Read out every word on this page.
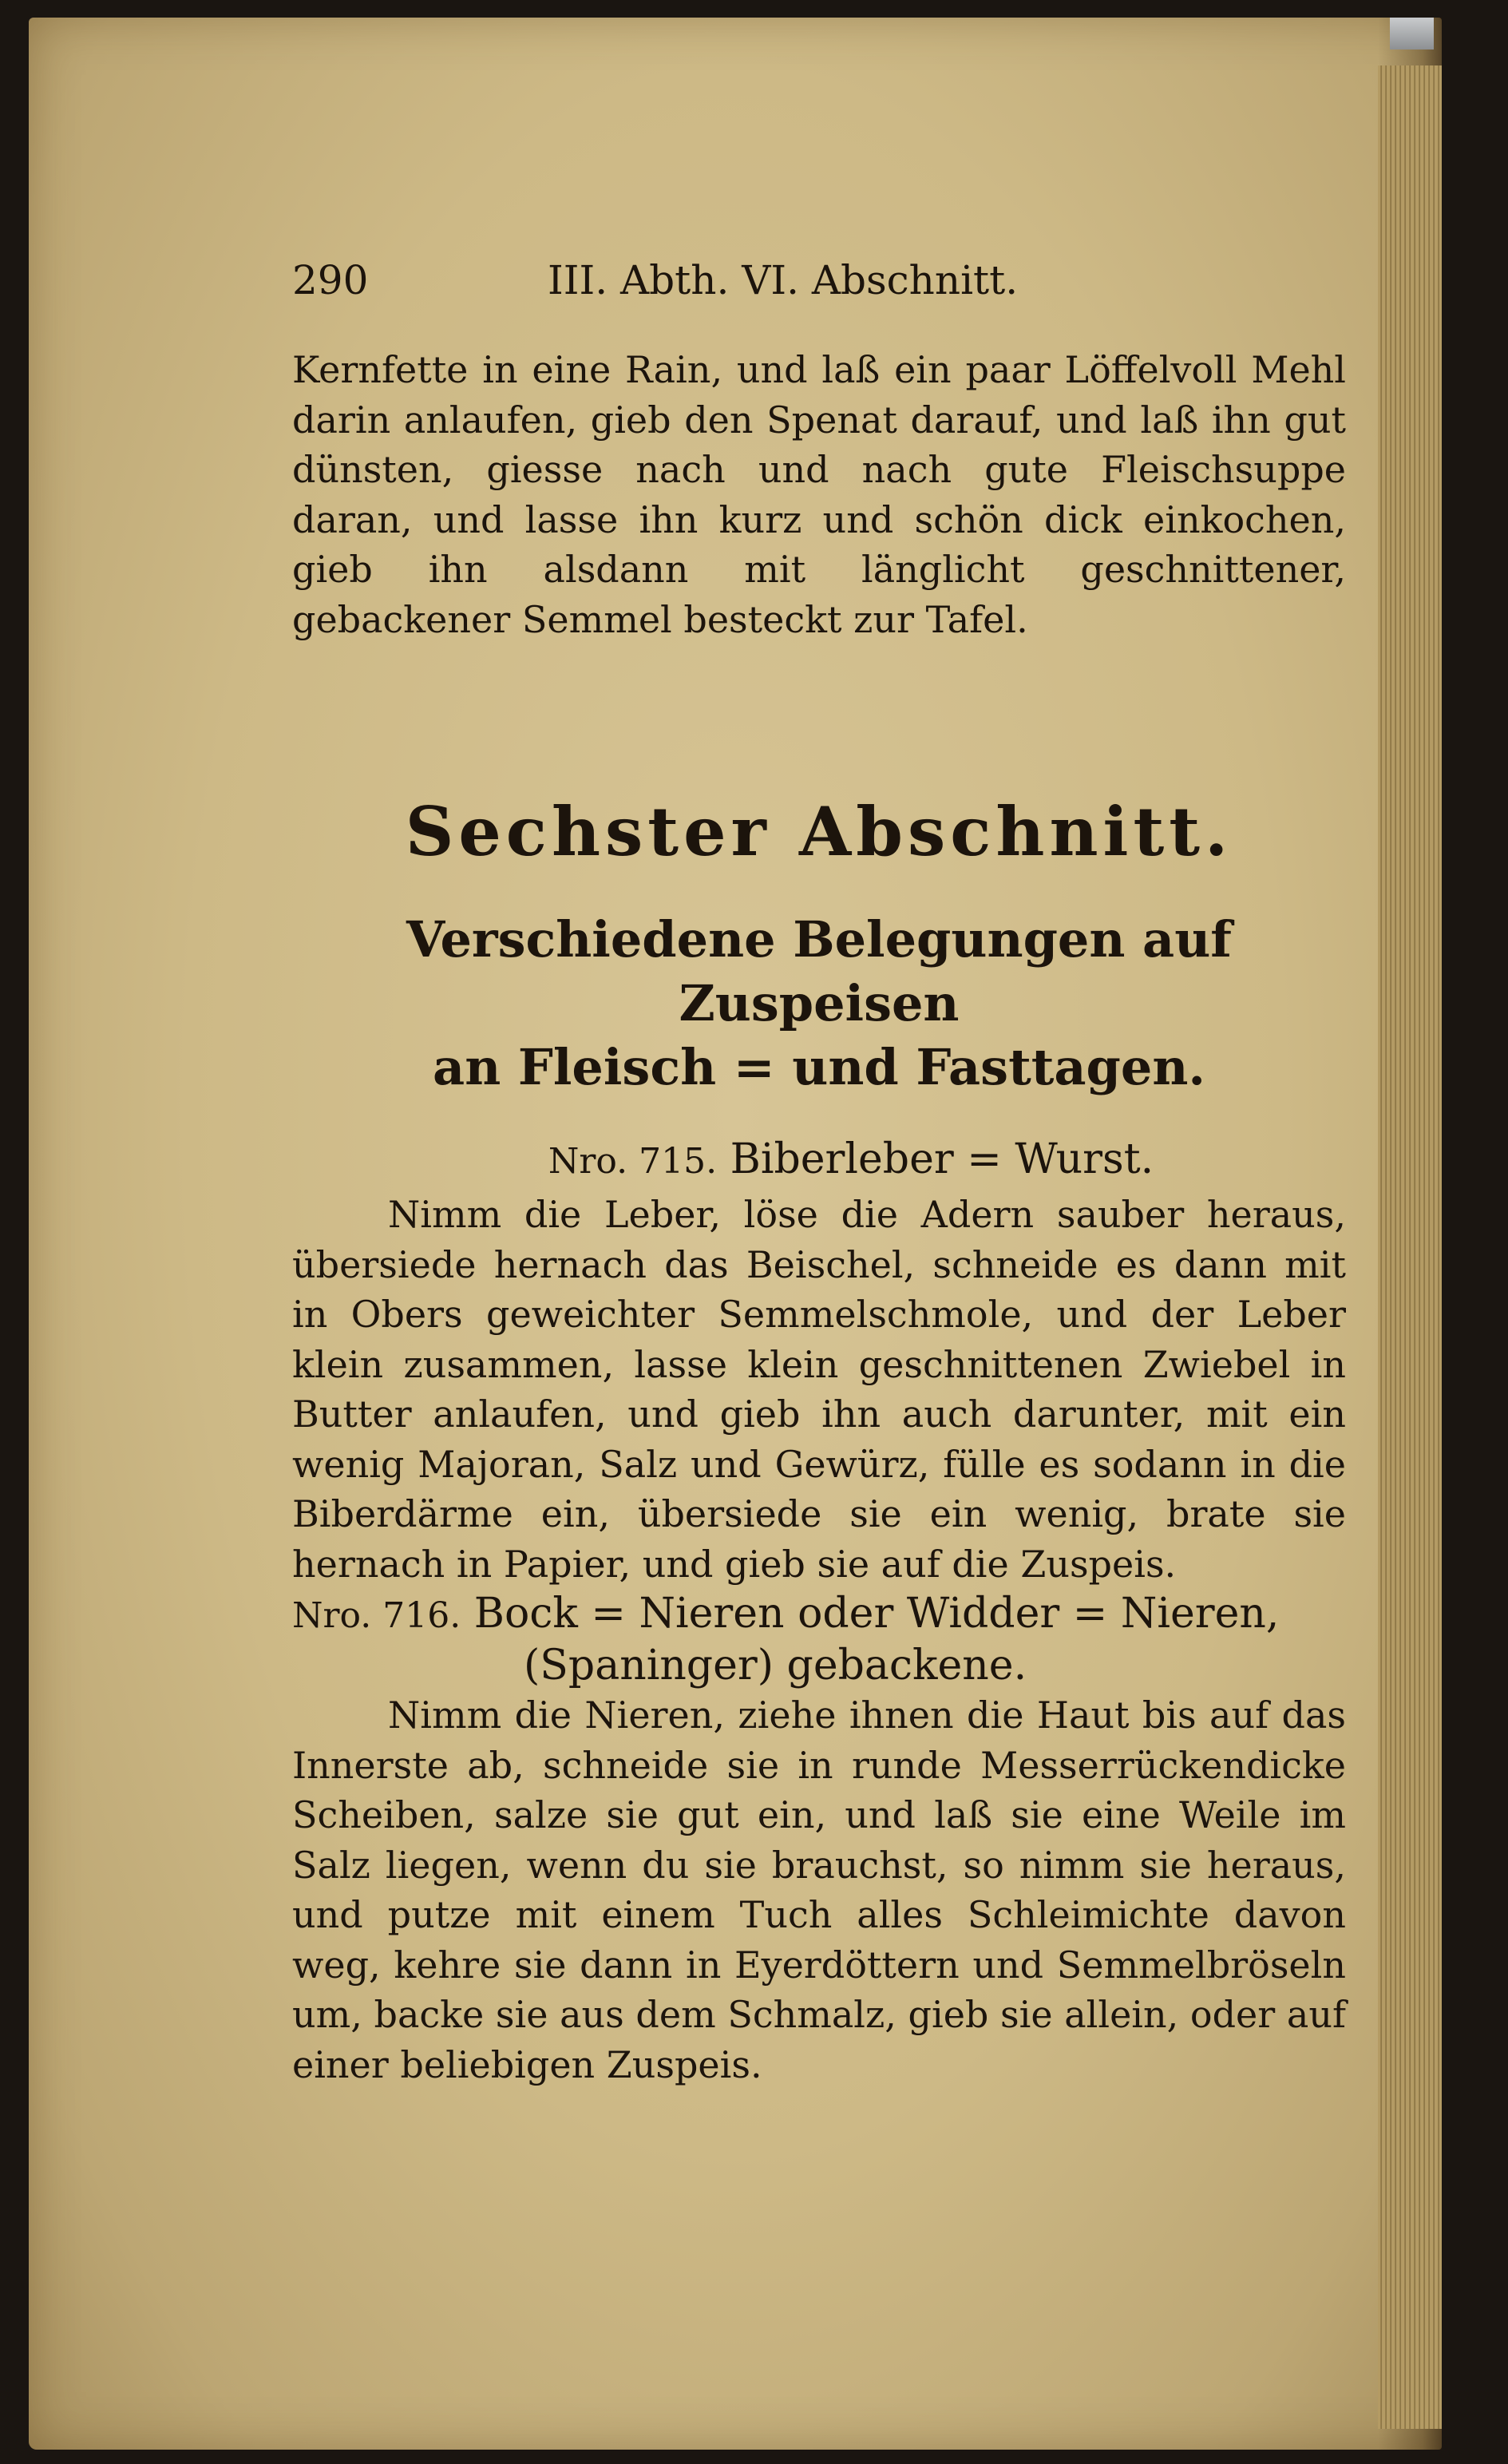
290	III. Abth. VI. Abschnitt.

Kernfette in eine Rain, und laß ein paar Löffelvoll Mehl darin anlaufen, gieb den Spenat darauf, und laß ihn gut dünsten, giesse nach und nach gute Fleischsuppe daran, und lasse ihn kurz und schön dick einkochen, gieb ihn alsdann mit länglicht geschnittener, gebackener Semmel besteckt zur Tafel.

Sechster Abschnitt.
Verschiedene Belegungen auf Zuspeisen
an Fleisch = und Fasttagen.
Nro. 715. Biberleber = Wurst.

Nimm die Leber, löse die Adern sauber heraus, übersiede hernach das Beischel, schneide es dann mit in Obers geweichter Semmelschmole, und der Leber klein zusammen, lasse klein geschnittenen Zwiebel in Butter anlaufen, und gieb ihn auch darunter, mit ein wenig Majoran, Salz und Gewürz, fülle es sodann in die Biberdärme ein, übersiede sie ein wenig, brate sie hernach in Papier, und gieb sie auf die Zuspeis.

Nro. 716. Bock = Nieren oder Widder = Nieren,
(Spaninger) gebackene.

Nimm die Nieren, ziehe ihnen die Haut bis auf das Innerste ab, schneide sie in runde Messerrückendicke Scheiben, salze sie gut ein, und laß sie eine Weile im Salz liegen, wenn du sie brauchst, so nimm sie heraus, und putze mit einem Tuch alles Schleimichte davon weg, kehre sie dann in Eyerdöttern und Semmelbröseln um, backe sie aus dem Schmalz, gieb sie allein, oder auf einer beliebigen Zuspeis.
